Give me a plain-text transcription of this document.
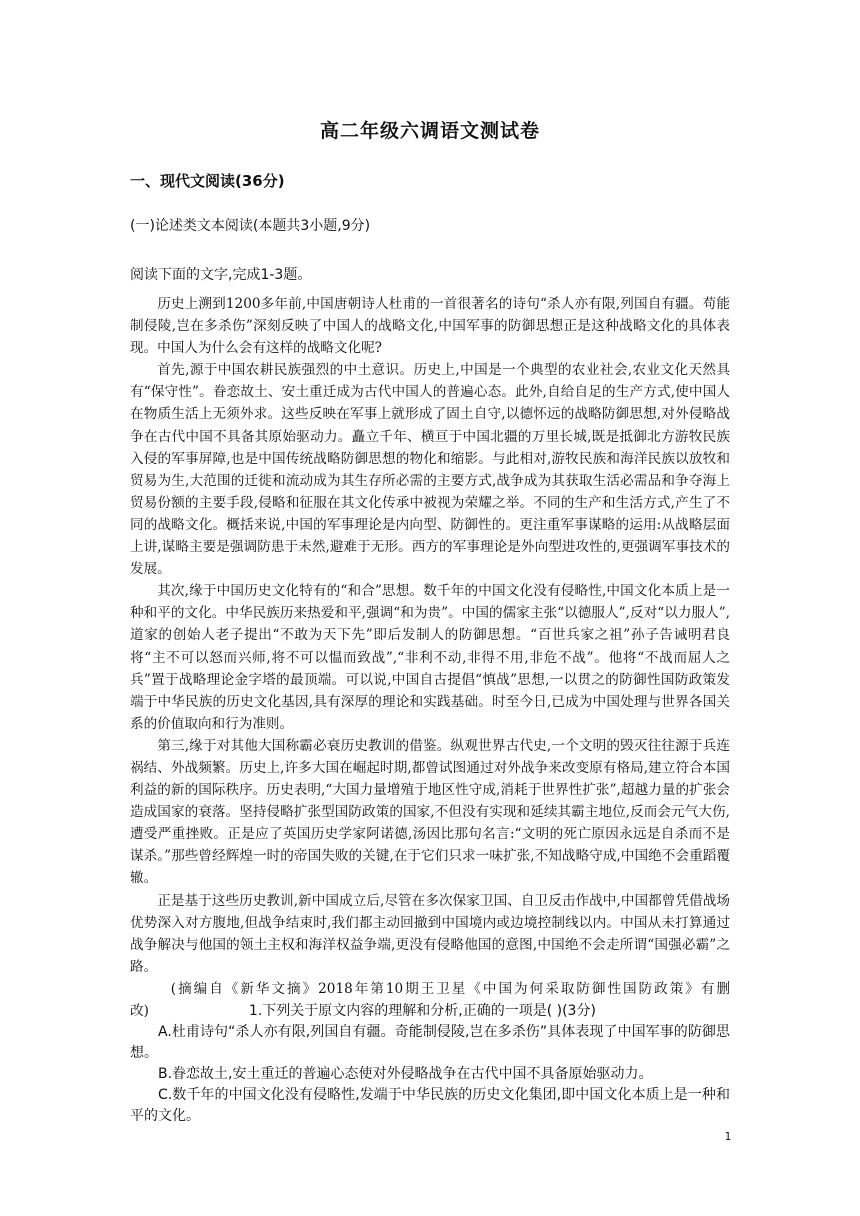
高二年级六调语文测试卷
一、现代文阅读(36分)
(一)论述类文本阅读(本题共3小题,9分)
阅读下面的文字,完成1-3题。

历史上溯到1200多年前,中国唐朝诗人杜甫的一首很著名的诗句“杀人亦有限,列国自有疆。苟能制侵陵,岂在多杀伤”深刻反映了中国人的战略文化,中国军事的防御思想正是这种战略文化的具体表现。中国人为什么会有这样的战略文化呢?

首先,源于中国农耕民族强烈的中土意识。历史上,中国是一个典型的农业社会,农业文化天然具有“保守性”。眷恋故土、安土重迁成为古代中国人的普遍心态。此外,自给自足的生产方式,使中国人在物质生活上无须外求。这些反映在军事上就形成了固土自守,以德怀远的战略防御思想,对外侵略战争在古代中国不具备其原始驱动力。矗立千年、横亘于中国北疆的万里长城,既是抵御北方游牧民族入侵的军事屏障,也是中国传统战略防御思想的物化和缩影。与此相对,游牧民族和海洋民族以放牧和贸易为生,大范围的迁徙和流动成为其生存所必需的主要方式,战争成为其获取生活必需品和争夺海上贸易份额的主要手段,侵略和征服在其文化传承中被视为荣耀之举。不同的生产和生活方式,产生了不同的战略文化。概括来说,中国的军事理论是内向型、防御性的。更注重军事谋略的运用:从战略层面上讲,谋略主要是强调防患于未然,避难于无形。西方的军事理论是外向型进攻性的,更强调军事技术的发展。

其次,缘于中国历史文化特有的“和合”思想。数千年的中国文化没有侵略性,中国文化本质上是一种和平的文化。中华民族历来热爱和平,强调“和为贵”。中国的儒家主张“以德服人”,反对“以力服人”,道家的创始人老子提出“不敢为天下先”即后发制人的防御思想。“百世兵家之祖”孙子告诫明君良将“主不可以怒而兴师,将不可以愠而致战”,“非利不动,非得不用,非危不战”。他将“不战而屈人之兵”置于战略理论金字塔的最顶端。可以说,中国自古提倡“慎战”思想,一以贯之的防御性国防政策发端于中华民族的历史文化基因,具有深厚的理论和实践基础。时至今日,已成为中国处理与世界各国关系的价值取向和行为准则。

第三,缘于对其他大国称霸必衰历史教训的借鉴。纵观世界古代史,一个文明的毁灭往往源于兵连祸结、外战频繁。历史上,许多大国在崛起时期,都曾试图通过对外战争来改变原有格局,建立符合本国利益的新的国际秩序。历史表明,“大国力量增殖于地区性守成,消耗于世界性扩张”,超越力量的扩张会造成国家的衰落。坚持侵略扩张型国防政策的国家,不但没有实现和延续其霸主地位,反而会元气大伤,遭受严重挫败。正是应了英国历史学家阿诺德,汤因比那句名言:“文明的死亡原因永远是自杀而不是谋杀。”那些曾经辉煌一时的帝国失败的关键,在于它们只求一味扩张,不知战略守成,中国绝不会重蹈覆辙。

正是基于这些历史教训,新中国成立后,尽管在多次保家卫国、自卫反击作战中,中国都曾凭借战场优势深入对方腹地,但战争结束时,我们都主动回撤到中国境内或边境控制线以内。中国从未打算通过战争解决与他国的领土主权和海洋权益争端,更没有侵略他国的意图,中国绝不会走所谓“国强必霸”之路。

(摘编自《新华文摘》2018年第10期王卫星《中国为何采取防御性国防政策》有删改)	1.下列关于原文内容的理解和分析,正确的一项是( )(3分)

A.杜甫诗句“杀人亦有限,列国自有疆。奇能制侵陵,岂在多杀伤”具体表现了中国军事的防御思想。

B.眷恋故土,安土重迁的普遍心态使对外侵略战争在古代中国不具备原始驱动力。

C.数千年的中国文化没有侵略性,发端于中华民族的历史文化集团,即中国文化本质上是一种和平的文化。

1
